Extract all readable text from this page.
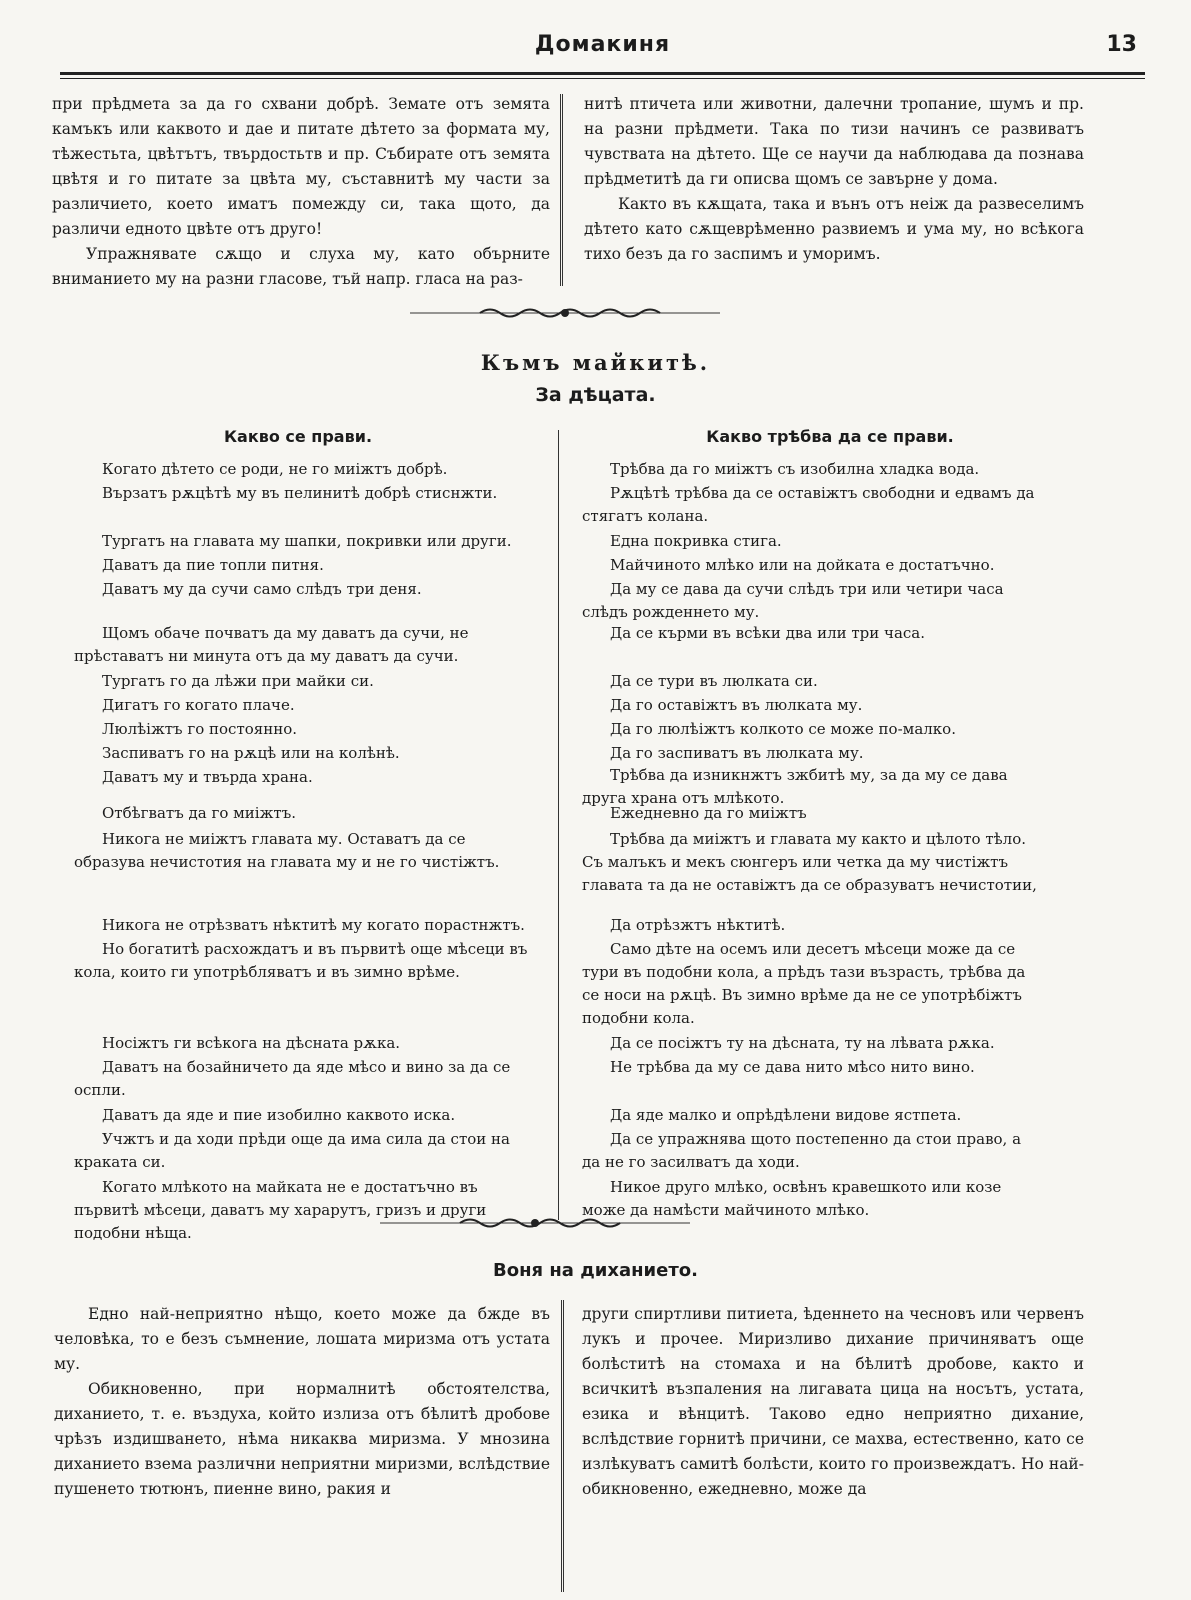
Домакиня	13

при прѣдмета за да го схвани добрѣ. Земате отъ земята камъкъ или каквото и дае и питате дѣтето за формата му, тѣжестьта, цвѣтътъ, твърдостьтв и пр. Събирате отъ земята цвѣтя и го питате за цвѣта му, съставнитѣ му части за различието, което иматъ помежду си, така щото, да различи едното цвѣте отъ друго!

Упражнявате сѫщо и слуха му, като обърните вниманието му на разни гласове, тъй напр. гласа на раз-

нитѣ птичета или животни, далечни тропание, шумъ и пр. на разни прѣдмети. Така по тизи начинъ се развиватъ чувствата на дѣтето. Ще се научи да наблюдава да познава прѣдметитѣ да ги описва щомъ се завърне у дома.

Както въ кѫщата, така и вънъ отъ неіж да развеселимъ дѣтето като сѫщеврѣменно развиемъ и ума му, но всѣкога тихо безъ да го заспимъ и уморимъ.

Къмъ майкитѣ.
За дѣцата.
Какво се прави.	Какво трѣбва да се прави.
Когато дѣтето се роди, не го миіжтъ добрѣ.
Вързатъ рѫцѣтѣ му въ пелинитѣ добрѣ стиснжти.
Тургатъ на главата му шапки, покривки или други.
Даватъ да пие топли питня.
Даватъ му да сучи само слѣдъ три деня.
Щомъ обаче почватъ да му даватъ да сучи, не прѣставатъ ни минута отъ да му даватъ да сучи.
Тургатъ го да лѣжи при майки си.
Дигатъ го когато плаче.
Люлѣіжтъ го постоянно.
Заспиватъ го на рѫцѣ или на колѣнѣ.
Даватъ му и твърда храна.
Отбѣгватъ да го миіжтъ.
Никога не миіжтъ главата му. Оставатъ да се образува нечистотия на главата му и не го чистіжтъ.
Никога не отрѣзватъ нѣктитѣ му когато порастнжтъ.
Но богатитѣ расхождатъ и въ първитѣ още мѣсеци въ кола, които ги употрѣбляватъ и въ зимно врѣме.
Носіжтъ ги всѣкога на дѣсната рѫка.
Даватъ на бозайничето да яде мѣсо и вино за да се оспли.
Даватъ да яде и пие изобилно каквото иска.
Учжтъ и да ходи прѣди още да има сила да стои на краката си.
Когато млѣкото на майката не е достатъчно въ първитѣ мѣсеци, даватъ му харарутъ, гризъ и други подобни нѣща.
Трѣбва да го миіжтъ съ изобилна хладка вода.
Рѫцѣтѣ трѣбва да се оставіжтъ свободни и едвамъ да стягатъ колана.
Една покривка стига.
Майчиното млѣко или на дойката е достатъчно.
Да му се дава да сучи слѣдъ три или четири часа слѣдъ рожденнето му.
Да се кърми въ всѣки два или три часа.
Да се тури въ люлката си.
Да го оставіжтъ въ люлката му.
Да го люлѣіжтъ колкото се може по-малко.
Да го заспиватъ въ люлката му.
Трѣбва да изникнжтъ зжбитѣ му, за да му се дава друга храна отъ млѣкото.
Ежедневно да го миіжтъ
Трѣбва да миіжтъ и главата му както и цѣлото тѣло. Съ малъкъ и мекъ сюнгеръ или четка да му чистіжтъ главата та да не оставіжтъ да се образуватъ нечистотии,
Да отрѣзжтъ нѣктитѣ.
Само дѣте на осемъ или десетъ мѣсеци може да се тури въ подобни кола, а прѣдъ тази възрасть, трѣбва да се носи на рѫцѣ. Въ зимно врѣме да не се употрѣбіжтъ подобни кола.
Да се посіжтъ ту на дѣсната, ту на лѣвата рѫка.
Не трѣбва да му се дава нито мѣсо нито вино.
Да яде малко и опрѣдѣлени видове ястпета.
Да се упражнява щото постепенно да стои право, а да не го засилватъ да ходи.
Никое друго млѣко, освѣнъ кравешкото или козе може да намѣсти майчиното млѣко.
Воня на диханието.

Едно най-неприятно нѣщо, което може да бжде въ человѣка, то е безъ съмнение, лошата миризма отъ устата му.

Обикновенно, при нормалнитѣ обстоятелства, диханието, т. е. въздуха, който излиза отъ бѣлитѣ дробове чрѣзъ издишването, нѣма никаква миризма. У мнозина диханието взема различни неприятни миризми, вслѣдствие пушенето тютюнъ, пиенне вино, ракия и

други спиртливи питиета, ѣденнето на чесновъ или червенъ лукъ и прочее. Миризливо дихание причиняватъ още болѣститѣ на стомаха и на бѣлитѣ дробове, както и всичкитѣ възпаления на лигавата цица на носътъ, устата, езика и вѣнцитѣ. Таково едно неприятно дихание, вслѣдствие горнитѣ причини, се махва, естественно, като се излѣкуватъ самитѣ болѣсти, които го произвеждатъ. Но най-обикновенно, ежедневно, може да
